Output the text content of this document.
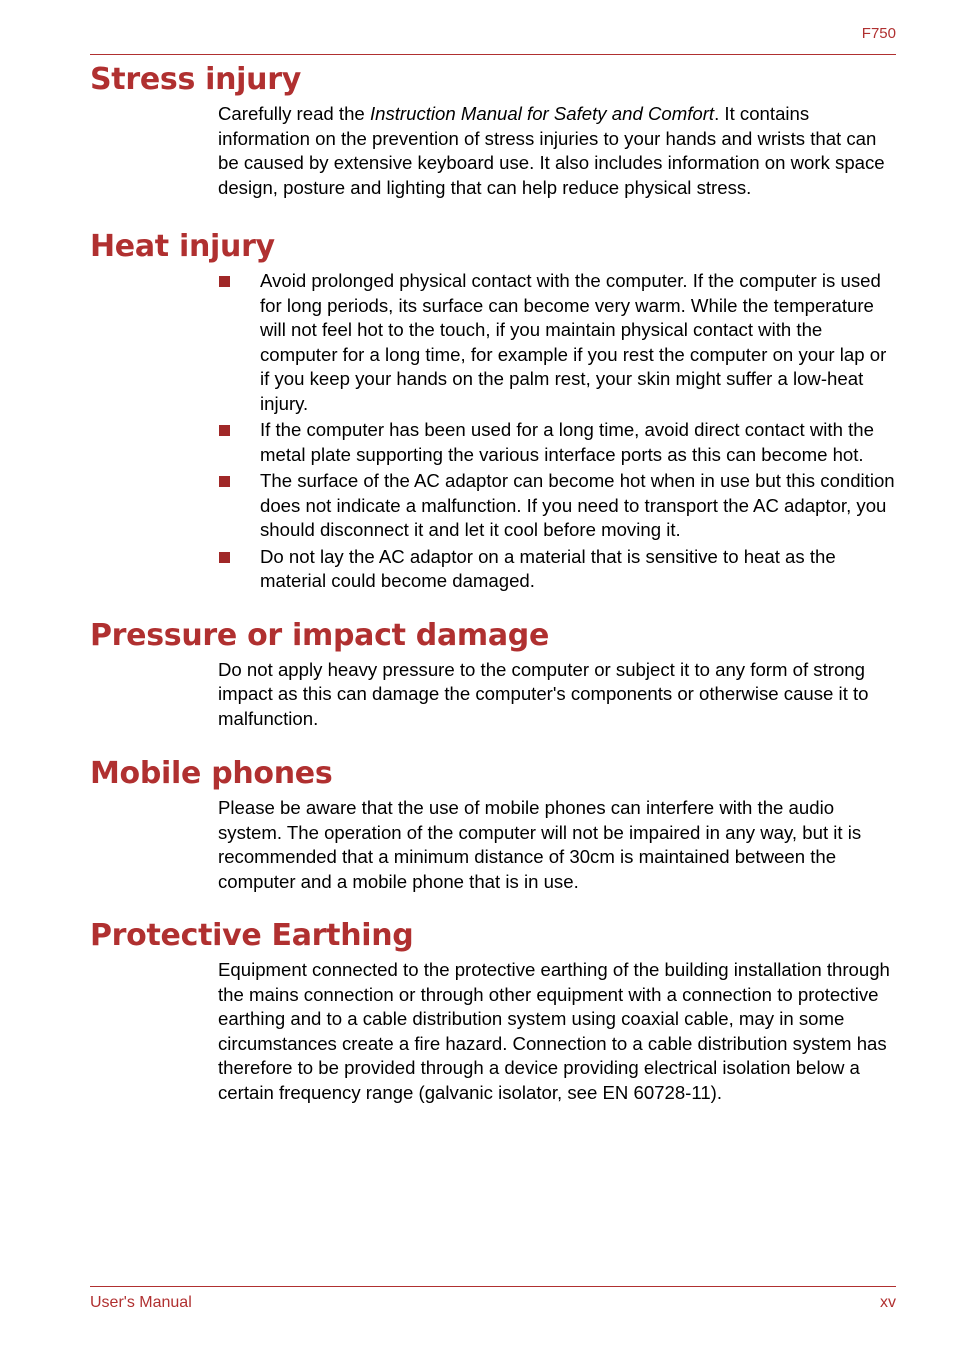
F750
Stress injury

Carefully read the Instruction Manual for Safety and Comfort. It contains information on the prevention of stress injuries to your hands and wrists that can be caused by extensive keyboard use. It also includes information on work space design, posture and lighting that can help reduce physical stress.

Heat injury
Avoid prolonged physical contact with the computer. If the computer is used for long periods, its surface can become very warm. While the temperature will not feel hot to the touch, if you maintain physical contact with the computer for a long time, for example if you rest the computer on your lap or if you keep your hands on the palm rest, your skin might suffer a low-heat injury.
If the computer has been used for a long time, avoid direct contact with the metal plate supporting the various interface ports as this can become hot.
The surface of the AC adaptor can become hot when in use but this condition does not indicate a malfunction. If you need to transport the AC adaptor, you should disconnect it and let it cool before moving it.
Do not lay the AC adaptor on a material that is sensitive to heat as the material could become damaged.
Pressure or impact damage

Do not apply heavy pressure to the computer or subject it to any form of strong impact as this can damage the computer's components or otherwise cause it to malfunction.

Mobile phones

Please be aware that the use of mobile phones can interfere with the audio system. The operation of the computer will not be impaired in any way, but it is recommended that a minimum distance of 30cm is maintained between the computer and a mobile phone that is in use.

Protective Earthing

Equipment connected to the protective earthing of the building installation through the mains connection or through other equipment with a connection to protective earthing and to a cable distribution system using coaxial cable, may in some circumstances create a fire hazard. Connection to a cable distribution system has therefore to be provided through a device providing electrical isolation below a certain frequency range (galvanic isolator, see EN 60728-11).

User's Manual	xv
